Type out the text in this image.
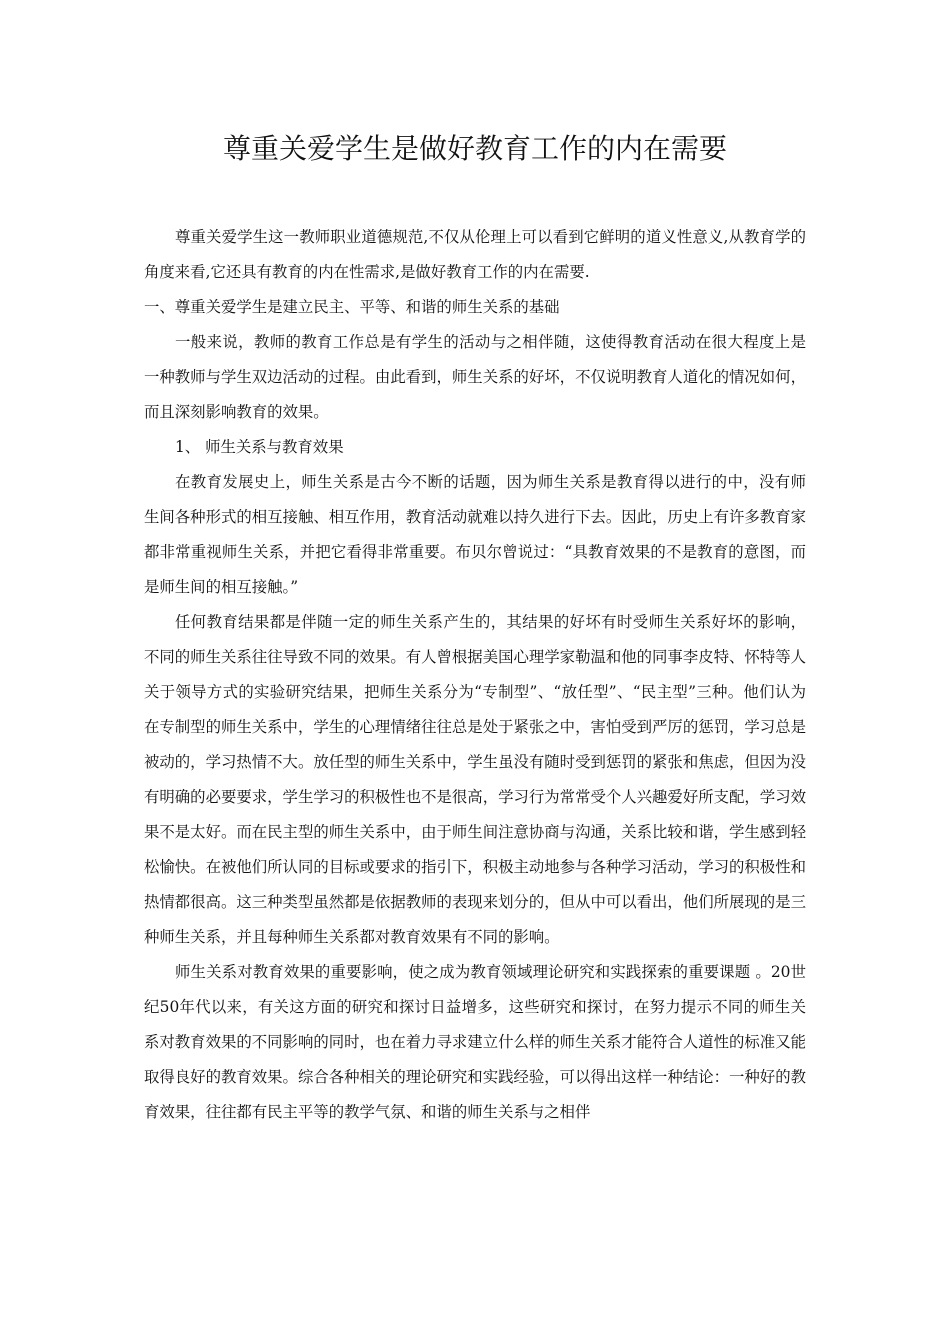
尊重关爱学生是做好教育工作的内在需要

尊重关爱学生这一教师职业道德规范,不仅从伦理上可以看到它鲜明的道义性意义,从教育学的角度来看,它还具有教育的内在性需求,是做好教育工作的内在需要.

一、尊重关爱学生是建立民主、平等、和谐的师生关系的基础

一般来说，教师的教育工作总是有学生的活动与之相伴随，这使得教育活动在很大程度上是一种教师与学生双边活动的过程。由此看到，师生关系的好坏，不仅说明教育人道化的情况如何，而且深刻影响教育的效果。

1、 师生关系与教育效果

在教育发展史上，师生关系是古今不断的话题，因为师生关系是教育得以进行的中，没有师生间各种形式的相互接触、相互作用，教育活动就难以持久进行下去。因此，历史上有许多教育家都非常重视师生关系，并把它看得非常重要。布贝尔曾说过：“具教育效果的不是教育的意图，而是师生间的相互接触。”

任何教育结果都是伴随一定的师生关系产生的，其结果的好坏有时受师生关系好坏的影响，不同的师生关系往往导致不同的效果。有人曾根据美国心理学家勒温和他的同事李皮特、怀特等人关于领导方式的实验研究结果，把师生关系分为“专制型”、“放任型”、“民主型”三种。他们认为在专制型的师生关系中，学生的心理情绪往往总是处于紧张之中，害怕受到严厉的惩罚，学习总是被动的，学习热情不大。放任型的师生关系中，学生虽没有随时受到惩罚的紧张和焦虑，但因为没有明确的必要要求，学生学习的积极性也不是很高，学习行为常常受个人兴趣爱好所支配，学习效果不是太好。而在民主型的师生关系中，由于师生间注意协商与沟通，关系比较和谐，学生感到轻松愉快。在被他们所认同的目标或要求的指引下，积极主动地参与各种学习活动，学习的积极性和热情都很高。这三种类型虽然都是依据教师的表现来划分的，但从中可以看出，他们所展现的是三种师生关系，并且每种师生关系都对教育效果有不同的影响。

师生关系对教育效果的重要影响，使之成为教育领域理论研究和实践探索的重要课题 。20世纪50年代以来，有关这方面的研究和探讨日益增多，这些研究和探讨，在努力提示不同的师生关系对教育效果的不同影响的同时，也在着力寻求建立什么样的师生关系才能符合人道性的标准又能取得良好的教育效果。综合各种相关的理论研究和实践经验，可以得出这样一种结论：一种好的教育效果，往往都有民主平等的教学气氛、和谐的师生关系与之相伴
